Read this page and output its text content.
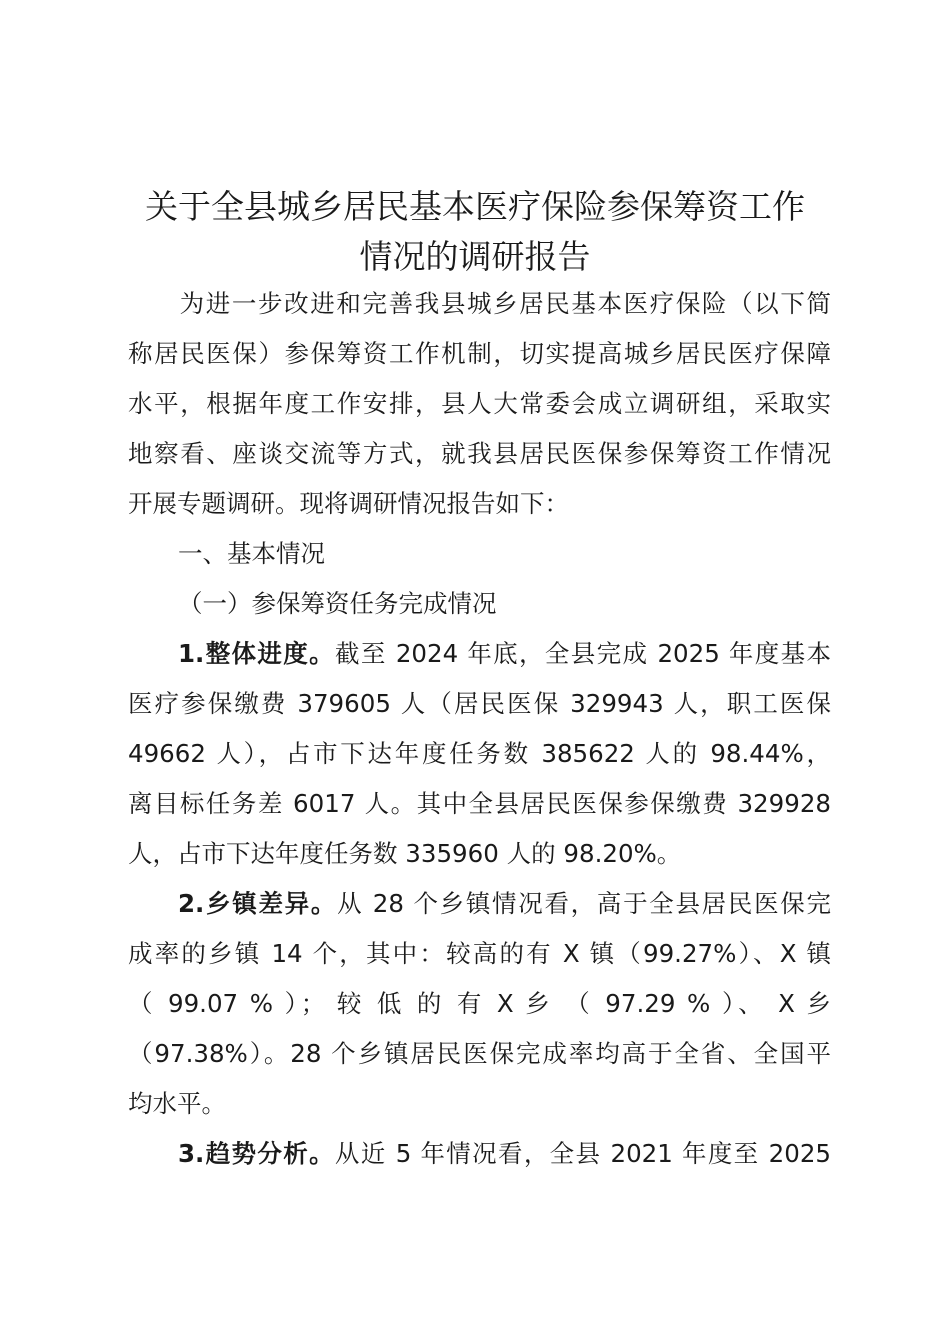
关于全县城乡居民基本医疗保险参保筹资工作
情况的调研报告
为进一步改进和完善我县城乡居民基本医疗保险（以下简
称居民医保）参保筹资工作机制，切实提高城乡居民医疗保障
水平，根据年度工作安排，县人大常委会成立调研组，采取实
地察看、座谈交流等方式，就我县居民医保参保筹资工作情况
开展专题调研。现将调研情况报告如下：
一、基本情况
（一）参保筹资任务完成情况
1.整体进度。截至 2024 年底，全县完成 2025 年度基本
医疗参保缴费 379605 人（居民医保 329943 人，职工医保
49662 人），占市下达年度任务数 385622 人的 98.44%，
离目标任务差 6017 人。其中全县居民医保参保缴费 329928
人，占市下达年度任务数 335960 人的 98.20%。
2.乡镇差异。从 28 个乡镇情况看，高于全县居民医保完
成率的乡镇 14 个，其中：较高的有 X 镇（99.27%）、X 镇
（ 99.07 % ）； 较 低 的 有 X 乡 （ 97.29 % ）、 X 乡
（97.38%）。28 个乡镇居民医保完成率均高于全省、全国平
均水平。
3.趋势分析。从近 5 年情况看，全县 2021 年度至 2025
